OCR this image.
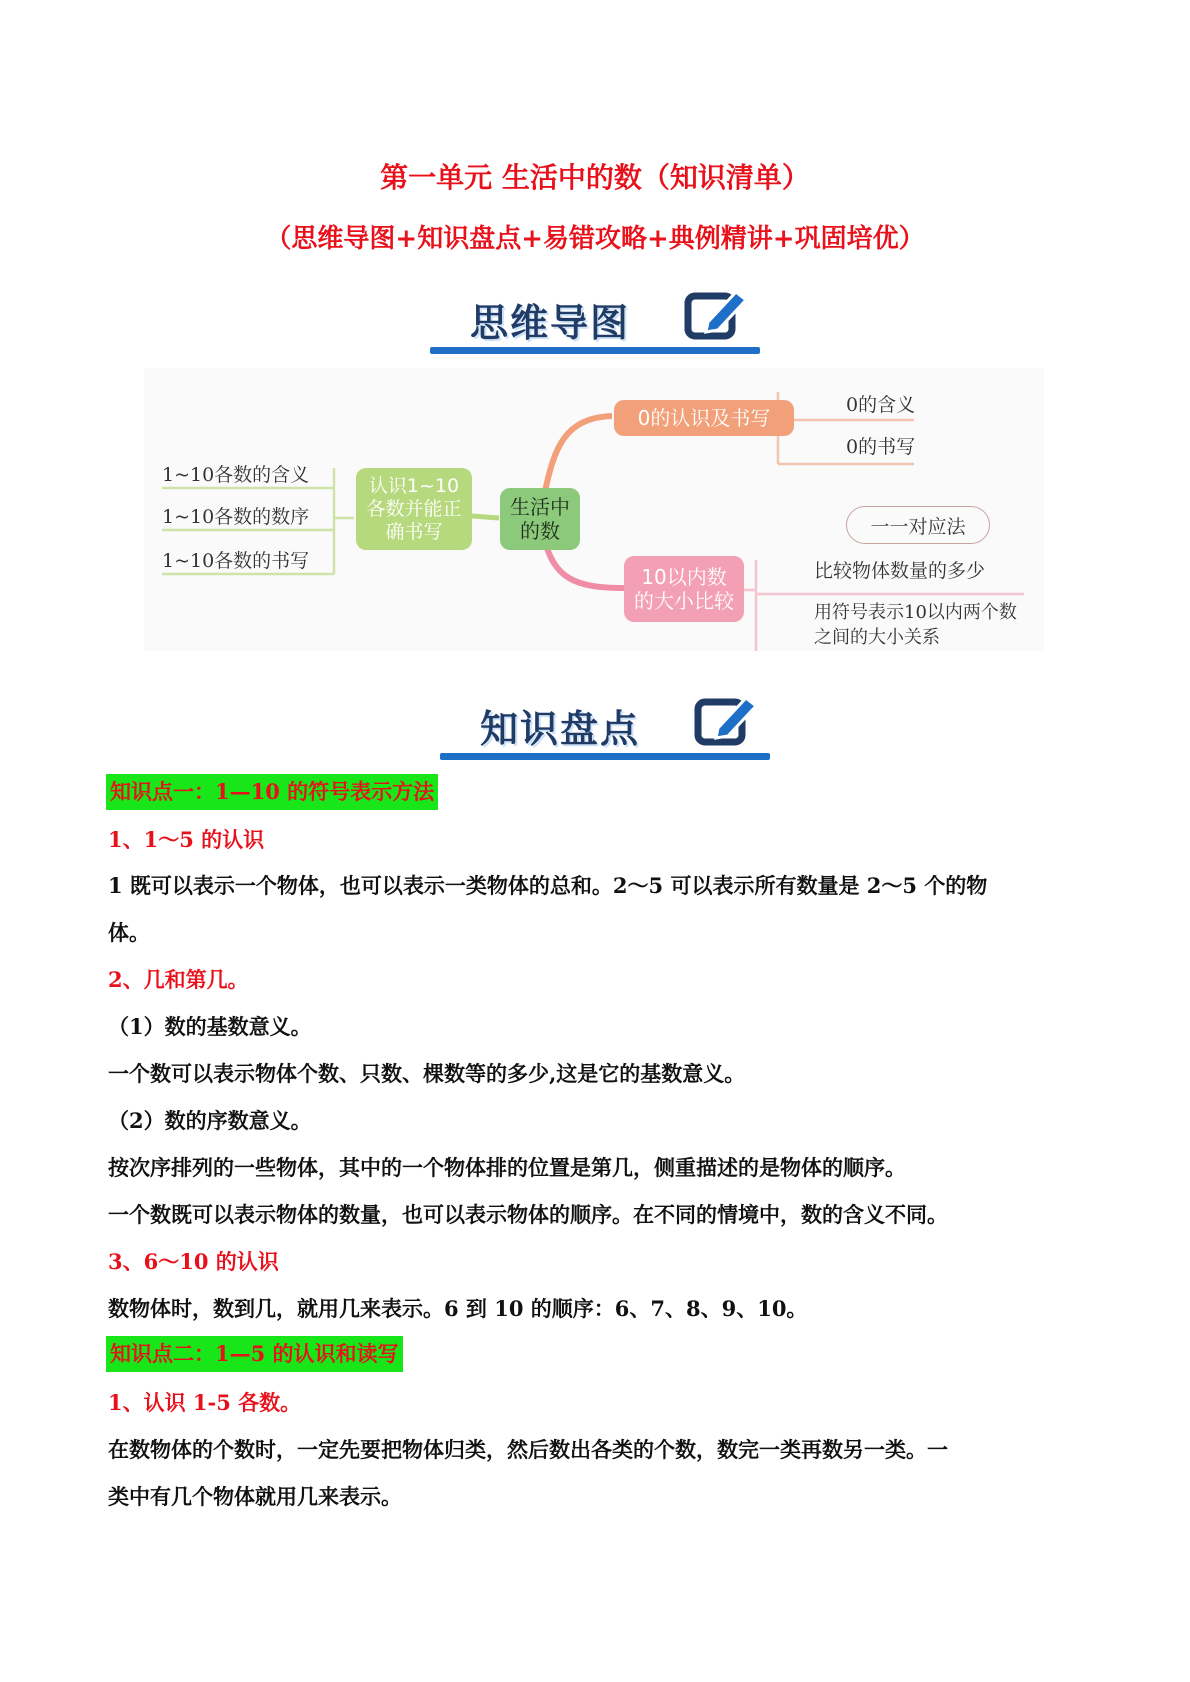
第一单元 生活中的数（知识清单）
（思维导图+知识盘点+易错攻略+典例精讲+巩固培优）
思维导图
1~10各数的含义
1~10各数的数序
1~10各数的书写
认识1~10各数并能正确书写
生活中的数
0的认识及书写
0的含义
0的书写
10以内数的大小比较
一一对应法
比较物体数量的多少
用符号表示10以内两个数之间的大小关系
知识盘点
知识点一：1—10 的符号表示方法
1、1～5 的认识
1 既可以表示一个物体，也可以表示一类物体的总和。2～5 可以表示所有数量是 2～5 个的物
体。
2、几和第几。
（1）数的基数意义。
一个数可以表示物体个数、只数、棵数等的多少,这是它的基数意义。
（2）数的序数意义。
按次序排列的一些物体，其中的一个物体排的位置是第几，侧重描述的是物体的顺序。
一个数既可以表示物体的数量，也可以表示物体的顺序。在不同的情境中，数的含义不同。
3、6～10 的认识
数物体时，数到几，就用几来表示。6 到 10 的顺序：6、7、8、9、10。
知识点二：1—5 的认识和读写
1、认识 1-5 各数。
在数物体的个数时，一定先要把物体归类，然后数出各类的个数，数完一类再数另一类。一
类中有几个物体就用几来表示。
